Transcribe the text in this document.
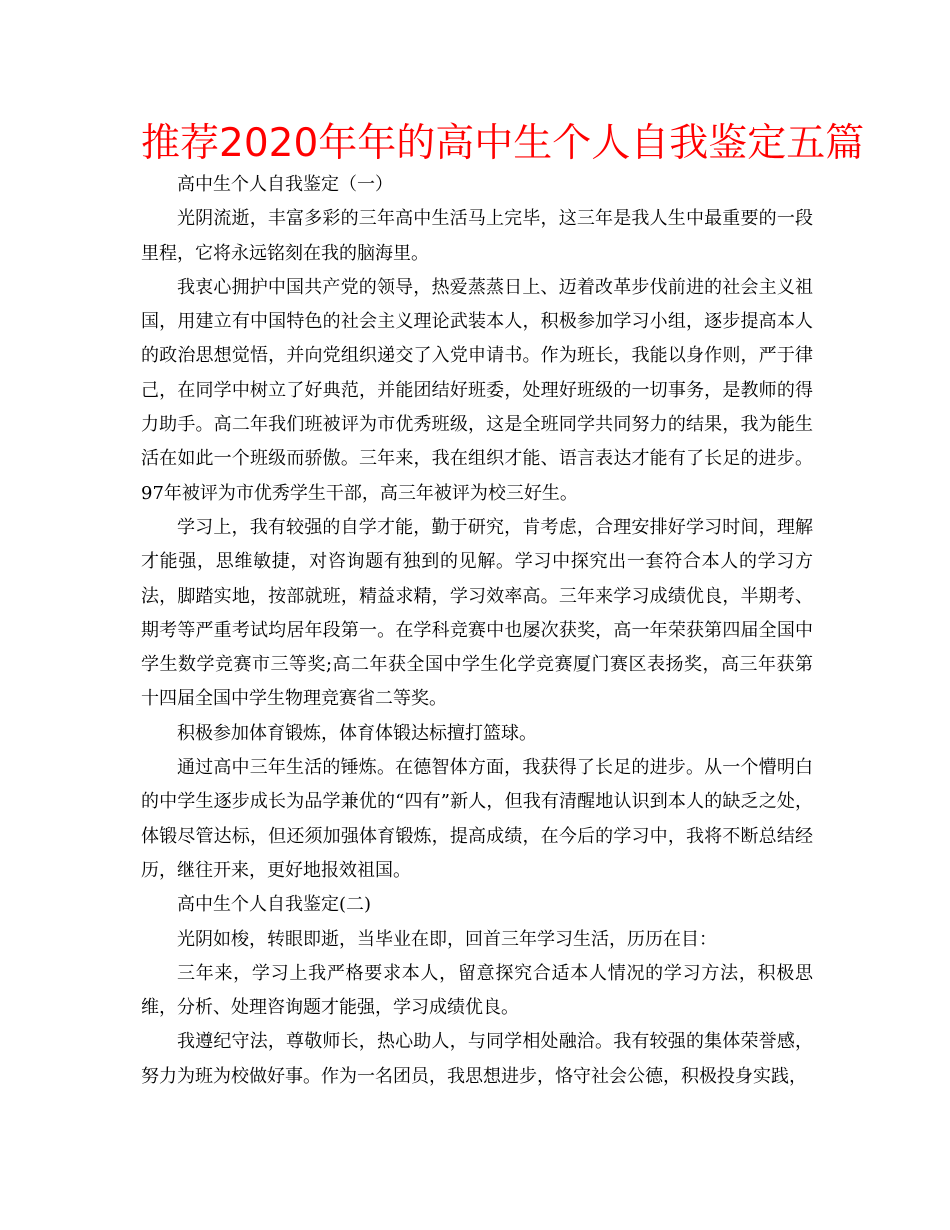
推荐2020年年的高中生个人自我鉴定五篇

高中生个人自我鉴定（一）

光阴流逝，丰富多彩的三年高中生活马上完毕，这三年是我人生中最重要的一段里程，它将永远铭刻在我的脑海里。

我衷心拥护中国共产党的领导，热爱蒸蒸日上、迈着改革步伐前进的社会主义祖国，用建立有中国特色的社会主义理论武装本人，积极参加学习小组，逐步提高本人的政治思想觉悟，并向党组织递交了入党申请书。作为班长，我能以身作则，严于律己，在同学中树立了好典范，并能团结好班委，处理好班级的一切事务，是教师的得力助手。高二年我们班被评为市优秀班级，这是全班同学共同努力的结果，我为能生活在如此一个班级而骄傲。三年来，我在组织才能、语言表达才能有了长足的进步。97年被评为市优秀学生干部，高三年被评为校三好生。

学习上，我有较强的自学才能，勤于研究，肯考虑，合理安排好学习时间，理解才能强，思维敏捷，对咨询题有独到的见解。学习中探究出一套符合本人的学习方法，脚踏实地，按部就班，精益求精，学习效率高。三年来学习成绩优良，半期考、期考等严重考试均居年段第一。在学科竞赛中也屡次获奖，高一年荣获第四届全国中学生数学竞赛市三等奖;高二年获全国中学生化学竞赛厦门赛区表扬奖，高三年获第十四届全国中学生物理竞赛省二等奖。

积极参加体育锻炼，体育体锻达标擅打篮球。

通过高中三年生活的锤炼。在德智体方面，我获得了长足的进步。从一个懵明白的中学生逐步成长为品学兼优的“四有”新人，但我有清醒地认识到本人的缺乏之处，体锻尽管达标，但还须加强体育锻炼，提高成绩，在今后的学习中，我将不断总结经历，继往开来，更好地报效祖国。

高中生个人自我鉴定(二)

光阴如梭，转眼即逝，当毕业在即，回首三年学习生活，历历在目：

三年来，学习上我严格要求本人，留意探究合适本人情况的学习方法，积极思维，分析、处理咨询题才能强，学习成绩优良。

我遵纪守法，尊敬师长，热心助人，与同学相处融洽。我有较强的集体荣誉感，努力为班为校做好事。作为一名团员，我思想进步，恪守社会公德，积极投身实践，
